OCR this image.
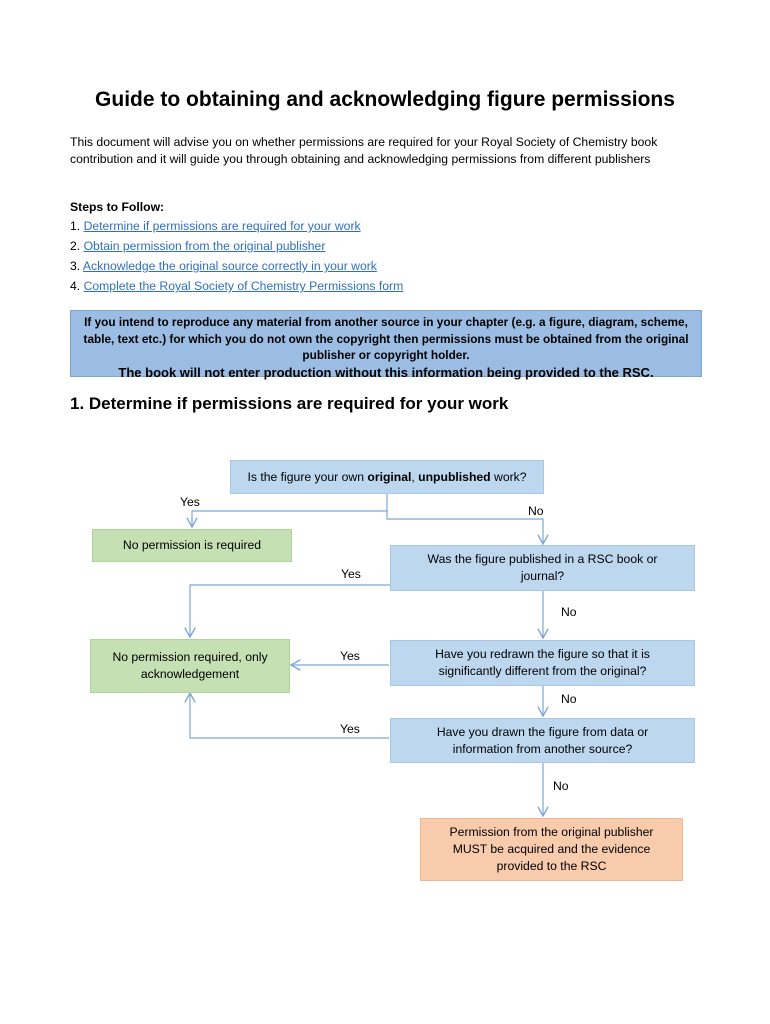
Guide to obtaining and acknowledging figure permissions
This document will advise you on whether permissions are required for your Royal Society of Chemistry book contribution and it will guide you through obtaining and acknowledging permissions from different publishers
Steps to Follow:
1. Determine if permissions are required for your work
2. Obtain permission from the original publisher
3. Acknowledge the original source correctly in your work
4. Complete the Royal Society of Chemistry Permissions form
If you intend to reproduce any material from another source in your chapter (e.g. a figure, diagram, scheme, table, text etc.) for which you do not own the copyright then permissions must be obtained from the original publisher or copyright holder.
The book will not enter production without this information being provided to the RSC.
1. Determine if permissions are required for your work
Is the figure your own original, unpublished work?
No permission is required
Was the figure published in a RSC book or journal?
No permission required, only acknowledgement
Have you redrawn the figure so that it is significantly different from the original?
Have you drawn the figure from data or information from another source?
Permission from the original publisher MUST be acquired and the evidence provided to the RSC
Yes
No
Yes
No
Yes
No
Yes
No
